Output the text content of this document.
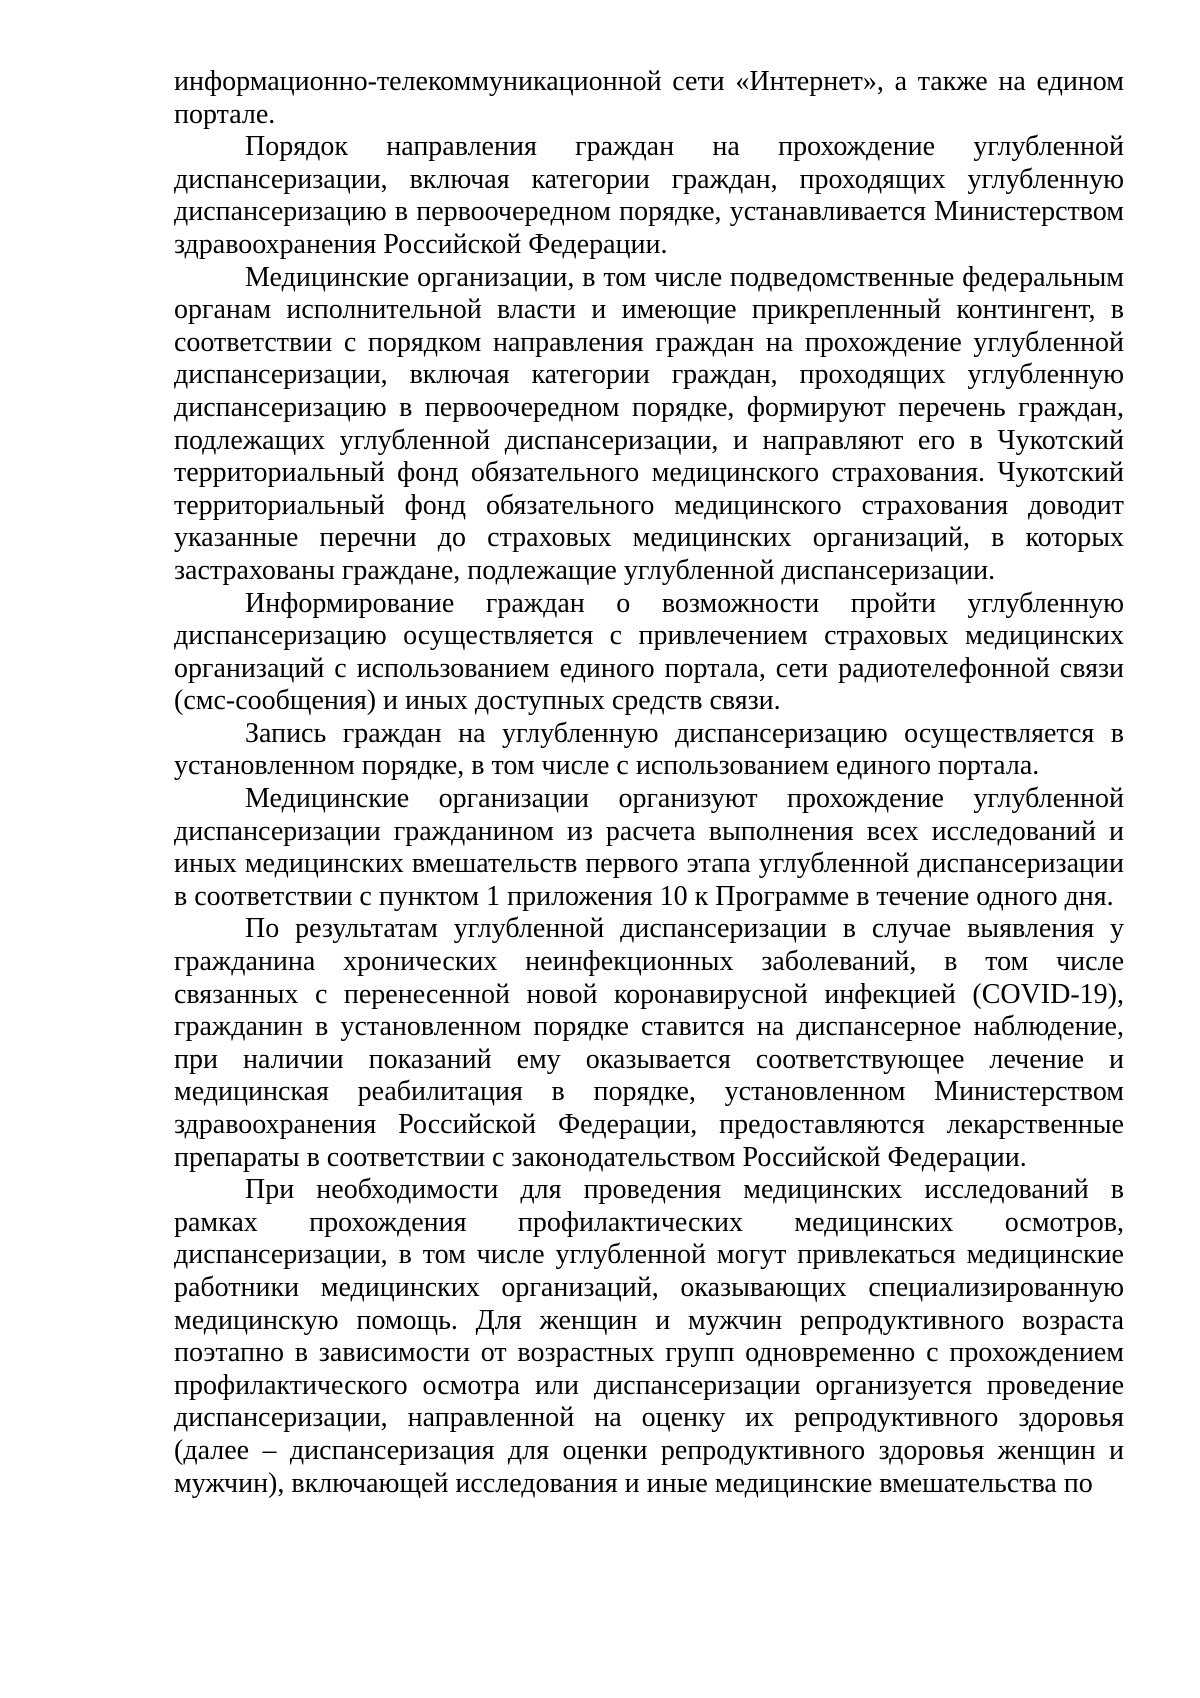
информационно-телекоммуникационной сети «Интернет», а также на едином портале.

Порядок направления граждан на прохождение углубленной диспансеризации, включая категории граждан, проходящих углубленную диспансеризацию в первоочередном порядке, устанавливается Министерством здравоохранения Российской Федерации.

Медицинские организации, в том числе подведомственные федеральным органам исполнительной власти и имеющие прикрепленный контингент, в соответствии с порядком направления граждан на прохождение углубленной диспансеризации, включая категории граждан, проходящих углубленную диспансеризацию в первоочередном порядке, формируют перечень граждан, подлежащих углубленной диспансеризации, и направляют его в Чукотский территориальный фонд обязательного медицинского страхования. Чукотский территориальный фонд обязательного медицинского страхования доводит указанные перечни до страховых медицинских организаций, в которых застрахованы граждане, подлежащие углубленной диспансеризации.

Информирование граждан о возможности пройти углубленную диспансеризацию осуществляется с привлечением страховых медицинских организаций с использованием единого портала, сети радиотелефонной связи (смс-сообщения) и иных доступных средств связи.

Запись граждан на углубленную диспансеризацию осуществляется в установленном порядке, в том числе с использованием единого портала.

Медицинские организации организуют прохождение углубленной диспансеризации гражданином из расчета выполнения всех исследований и иных медицинских вмешательств первого этапа углубленной диспансеризации в соответствии с пунктом 1 приложения 10 к Программе в течение одного дня.

По результатам углубленной диспансеризации в случае выявления у гражданина хронических неинфекционных заболеваний, в том числе связанных с перенесенной новой коронавирусной инфекцией (COVID-19), гражданин в установленном порядке ставится на диспансерное наблюдение, при наличии показаний ему оказывается соответствующее лечение и медицинская реабилитация в порядке, установленном Министерством здравоохранения Российской Федерации, предоставляются лекарственные препараты в соответствии с законодательством Российской Федерации.

При необходимости для проведения медицинских исследований в рамках прохождения профилактических медицинских осмотров, диспансеризации, в том числе углубленной могут привлекаться медицинские работники медицинских организаций, оказывающих специализированную медицинскую помощь. Для женщин и мужчин репродуктивного возраста поэтапно в зависимости от возрастных групп одновременно с прохождением профилактического осмотра или диспансеризации организуется проведение диспансеризации, направленной на оценку их репродуктивного здоровья (далее – диспансеризация для оценки репродуктивного здоровья женщин и мужчин), включающей исследования и иные медицинские вмешательства по
